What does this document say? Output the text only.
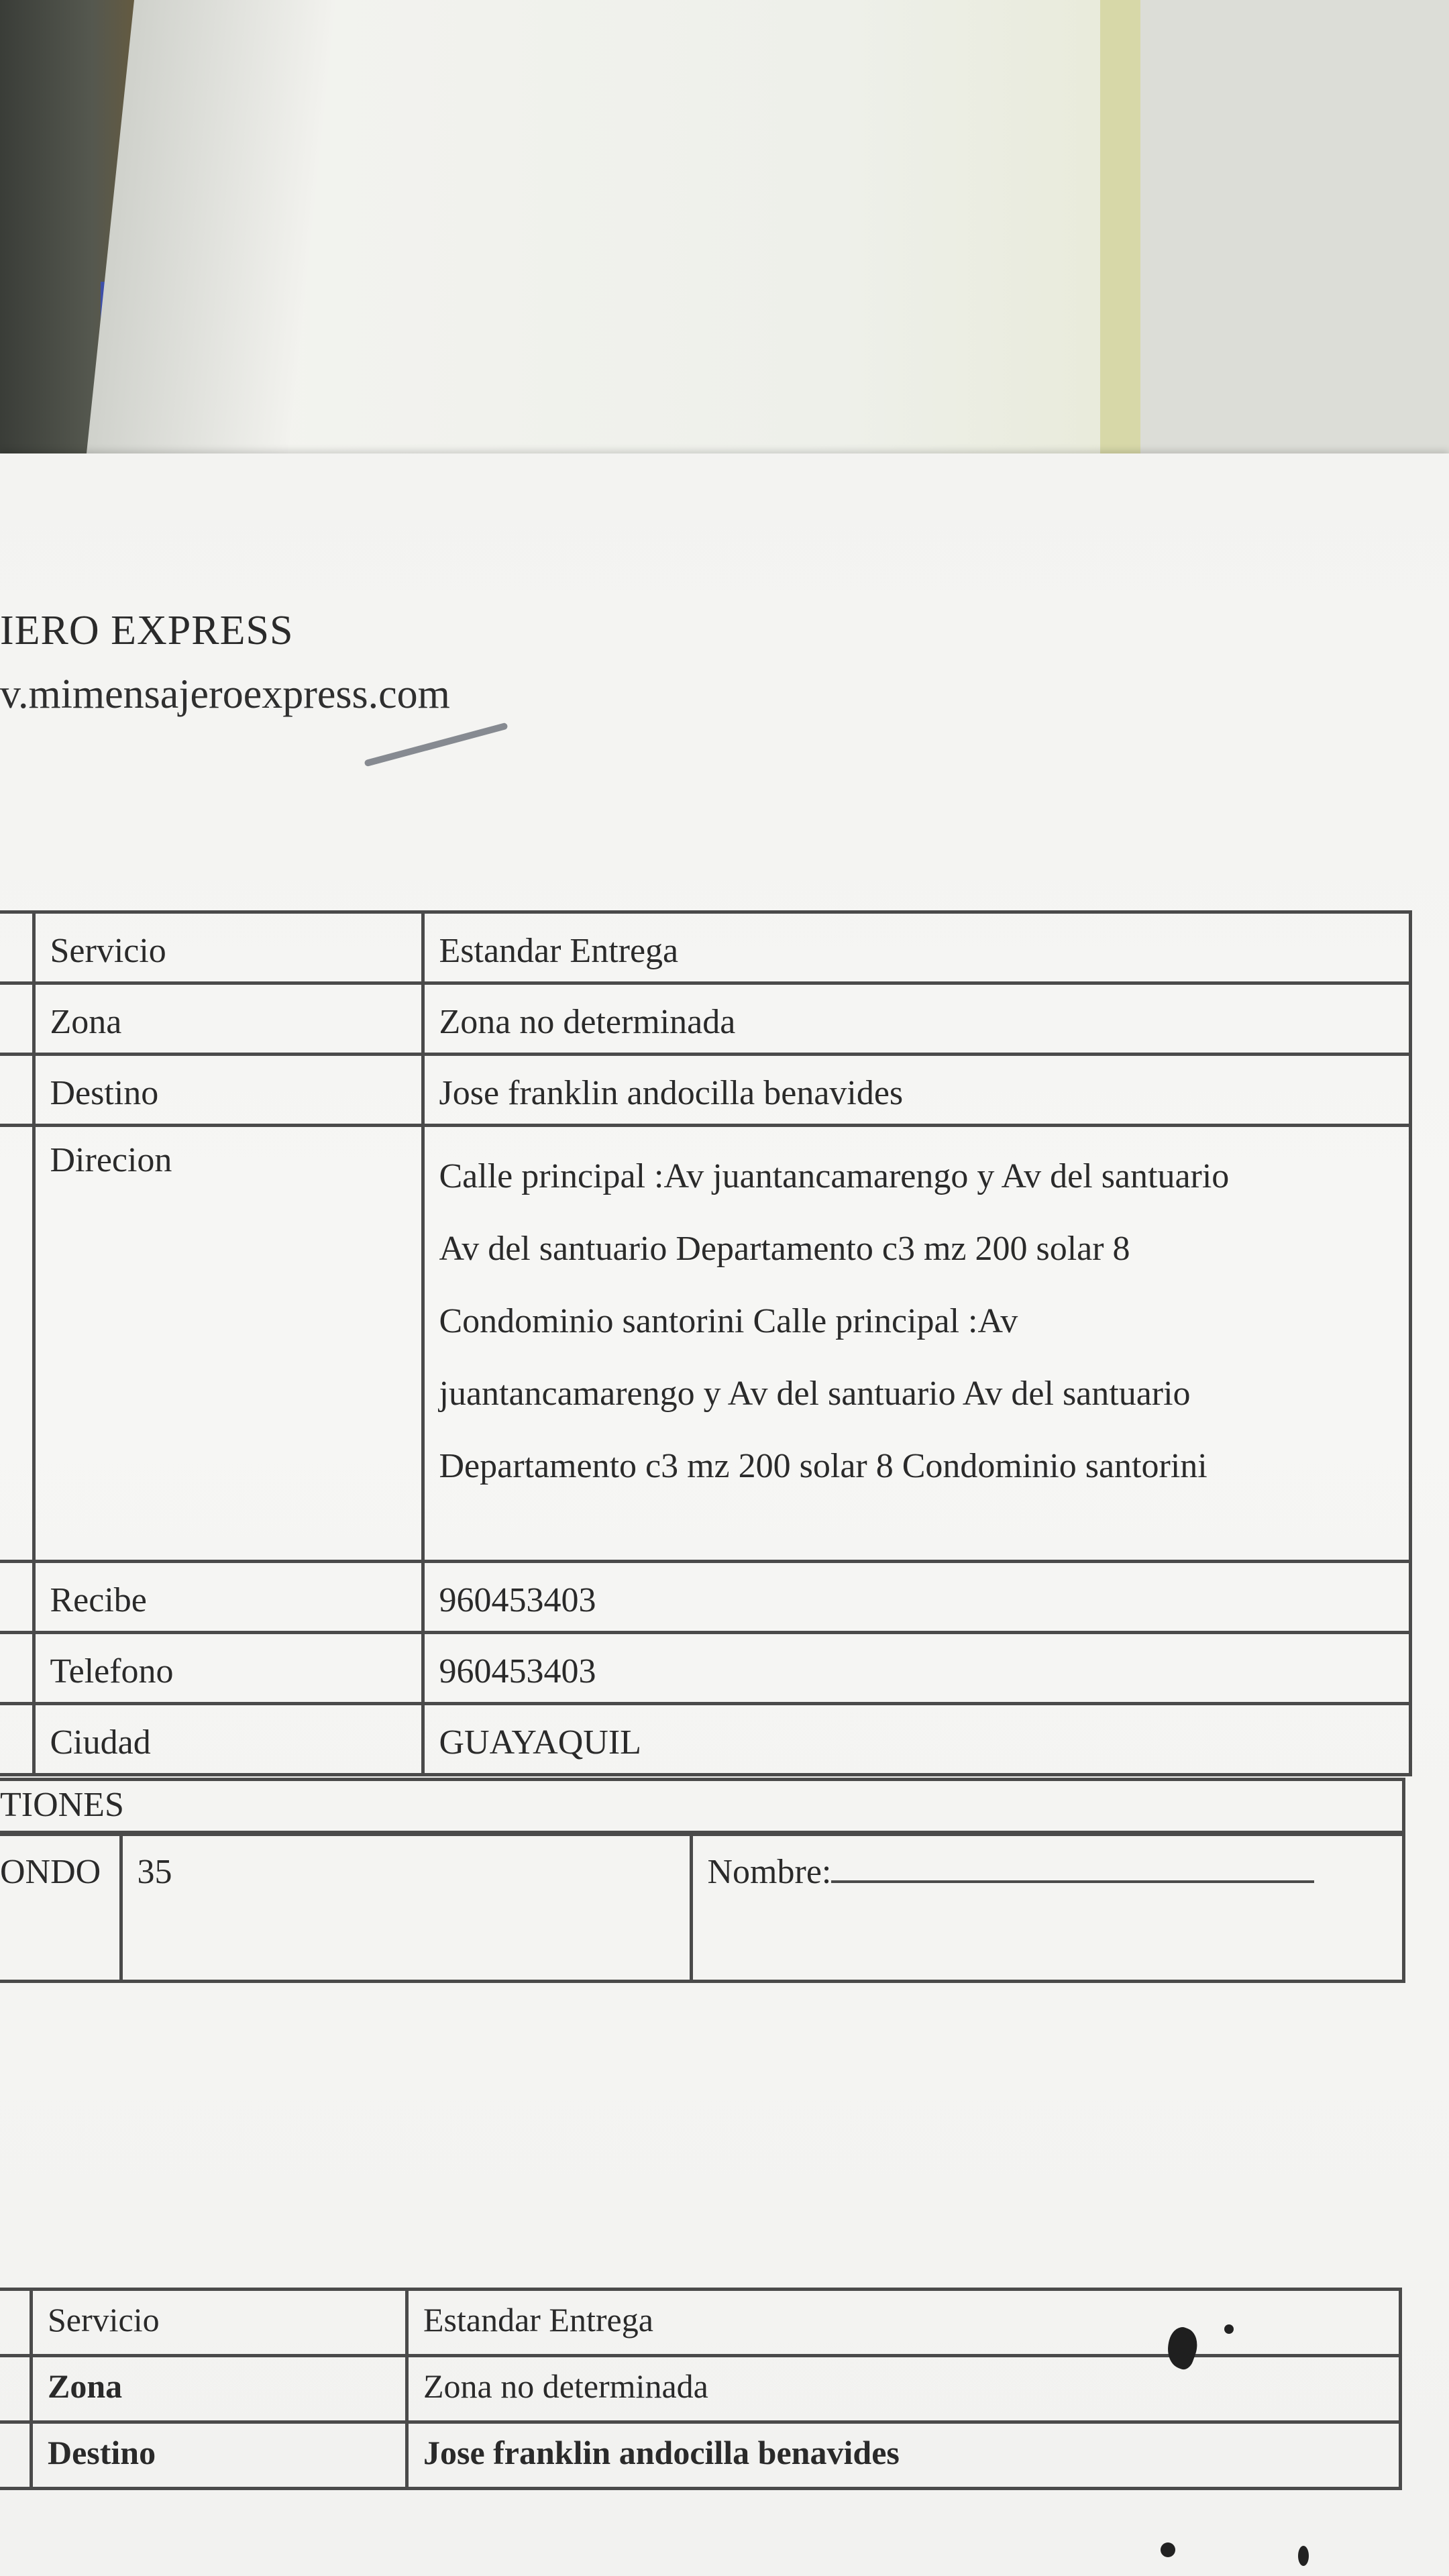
IERO EXPRESS
v.mimensajeroexpress.com
	Servicio	Estandar Entrega
	Zona	Zona no determinada
	Destino	Jose franklin andocilla benavides
	Direcion	Calle principal :Av juantancamarengo y Av del santuario
Av del santuario Departamento c3 mz 200 solar 8
Condominio santorini Calle principal :Av
juantancamarengo y Av del santuario Av del santuario
Departamento c3 mz 200 solar 8 Condominio santorini

	Recibe	960453403
	Telefono	960453403
	Ciudad	GUAYAQUIL
TIONES
ONDO	35	Nombre:
	Servicio	Estandar Entrega
	Zona	Zona no determinada
	Destino	Jose franklin andocilla benavides
